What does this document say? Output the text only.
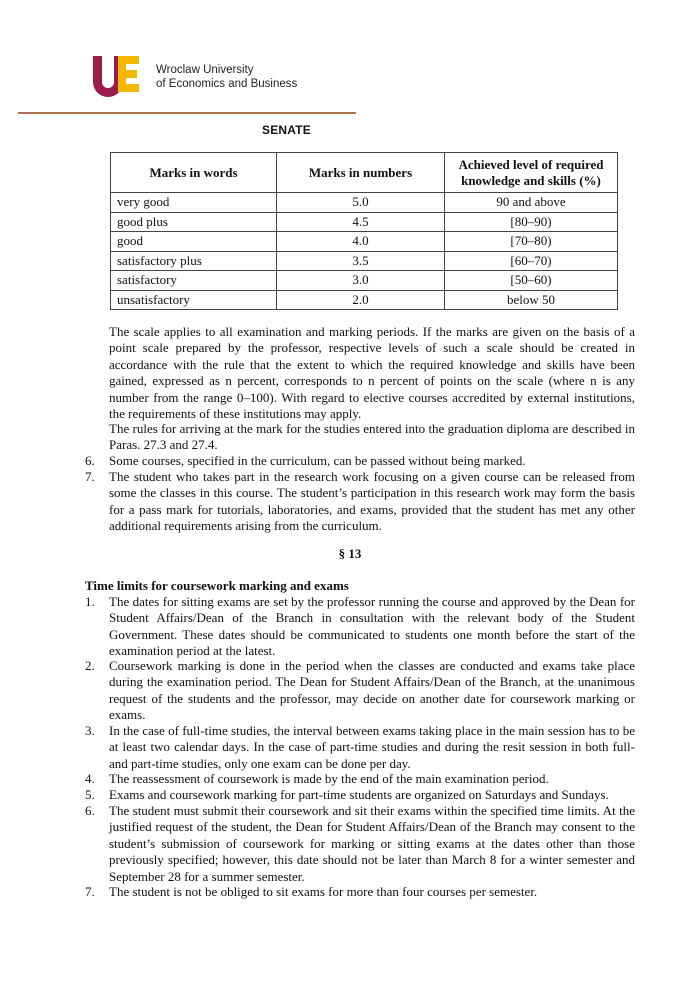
Wroclaw University
of Economics and Business
SENATE
Marks in words	Marks in numbers	Achieved level of required knowledge and skills (%)
very good	5.0	90 and above
good plus	4.5	[80–90)
good	4.0	[70–80)
satisfactory plus	3.5	[60–70)
satisfactory	3.0	[50–60)
unsatisfactory	2.0	below 50
The scale applies to all examination and marking periods. If the marks are given on the basis of a point scale prepared by the professor, respective levels of such a scale should be created in accordance with the rule that the extent to which the required knowledge and skills have been gained, expressed as n percent, corresponds to n percent of points on the scale (where n is any number from the range 0–100). With regard to elective courses accredited by external institutions, the requirements of these institutions may apply.
The rules for arriving at the mark for the studies entered into the graduation diploma are described in Paras. 27.3 and 27.4.
6.	Some courses, specified in the curriculum, can be passed without being marked.
7.	The student who takes part in the research work focusing on a given course can be released from some the classes in this course. The student’s participation in this research work may form the basis for a pass mark for tutorials, laboratories, and exams, provided that the student has met any other additional requirements arising from the curriculum.
§ 13
Time limits for coursework marking and exams
1.	The dates for sitting exams are set by the professor running the course and approved by the Dean for Student Affairs/Dean of the Branch in consultation with the relevant body of the Student Government. These dates should be communicated to students one month before the start of the examination period at the latest.
2.	Coursework marking is done in the period when the classes are conducted and exams take place during the examination period. The Dean for Student Affairs/Dean of the Branch, at the unanimous request of the students and the professor, may decide on another date for coursework marking or exams.
3.	In the case of full-time studies, the interval between exams taking place in the main session has to be at least two calendar days. In the case of part-time studies and during the resit session in both full- and part-time studies, only one exam can be done per day.
4.	The reassessment of coursework is made by the end of the main examination period.
5.	Exams and coursework marking for part-time students are organized on Saturdays and Sundays.
6.	The student must submit their coursework and sit their exams within the specified time limits. At the justified request of the student, the Dean for Student Affairs/Dean of the Branch may consent to the student’s submission of coursework for marking or sitting exams at the dates other than those previously specified; however, this date should not be later than March 8 for a winter semester and September 28 for a summer semester.
7.	The student is not be obliged to sit exams for more than four courses per semester.
